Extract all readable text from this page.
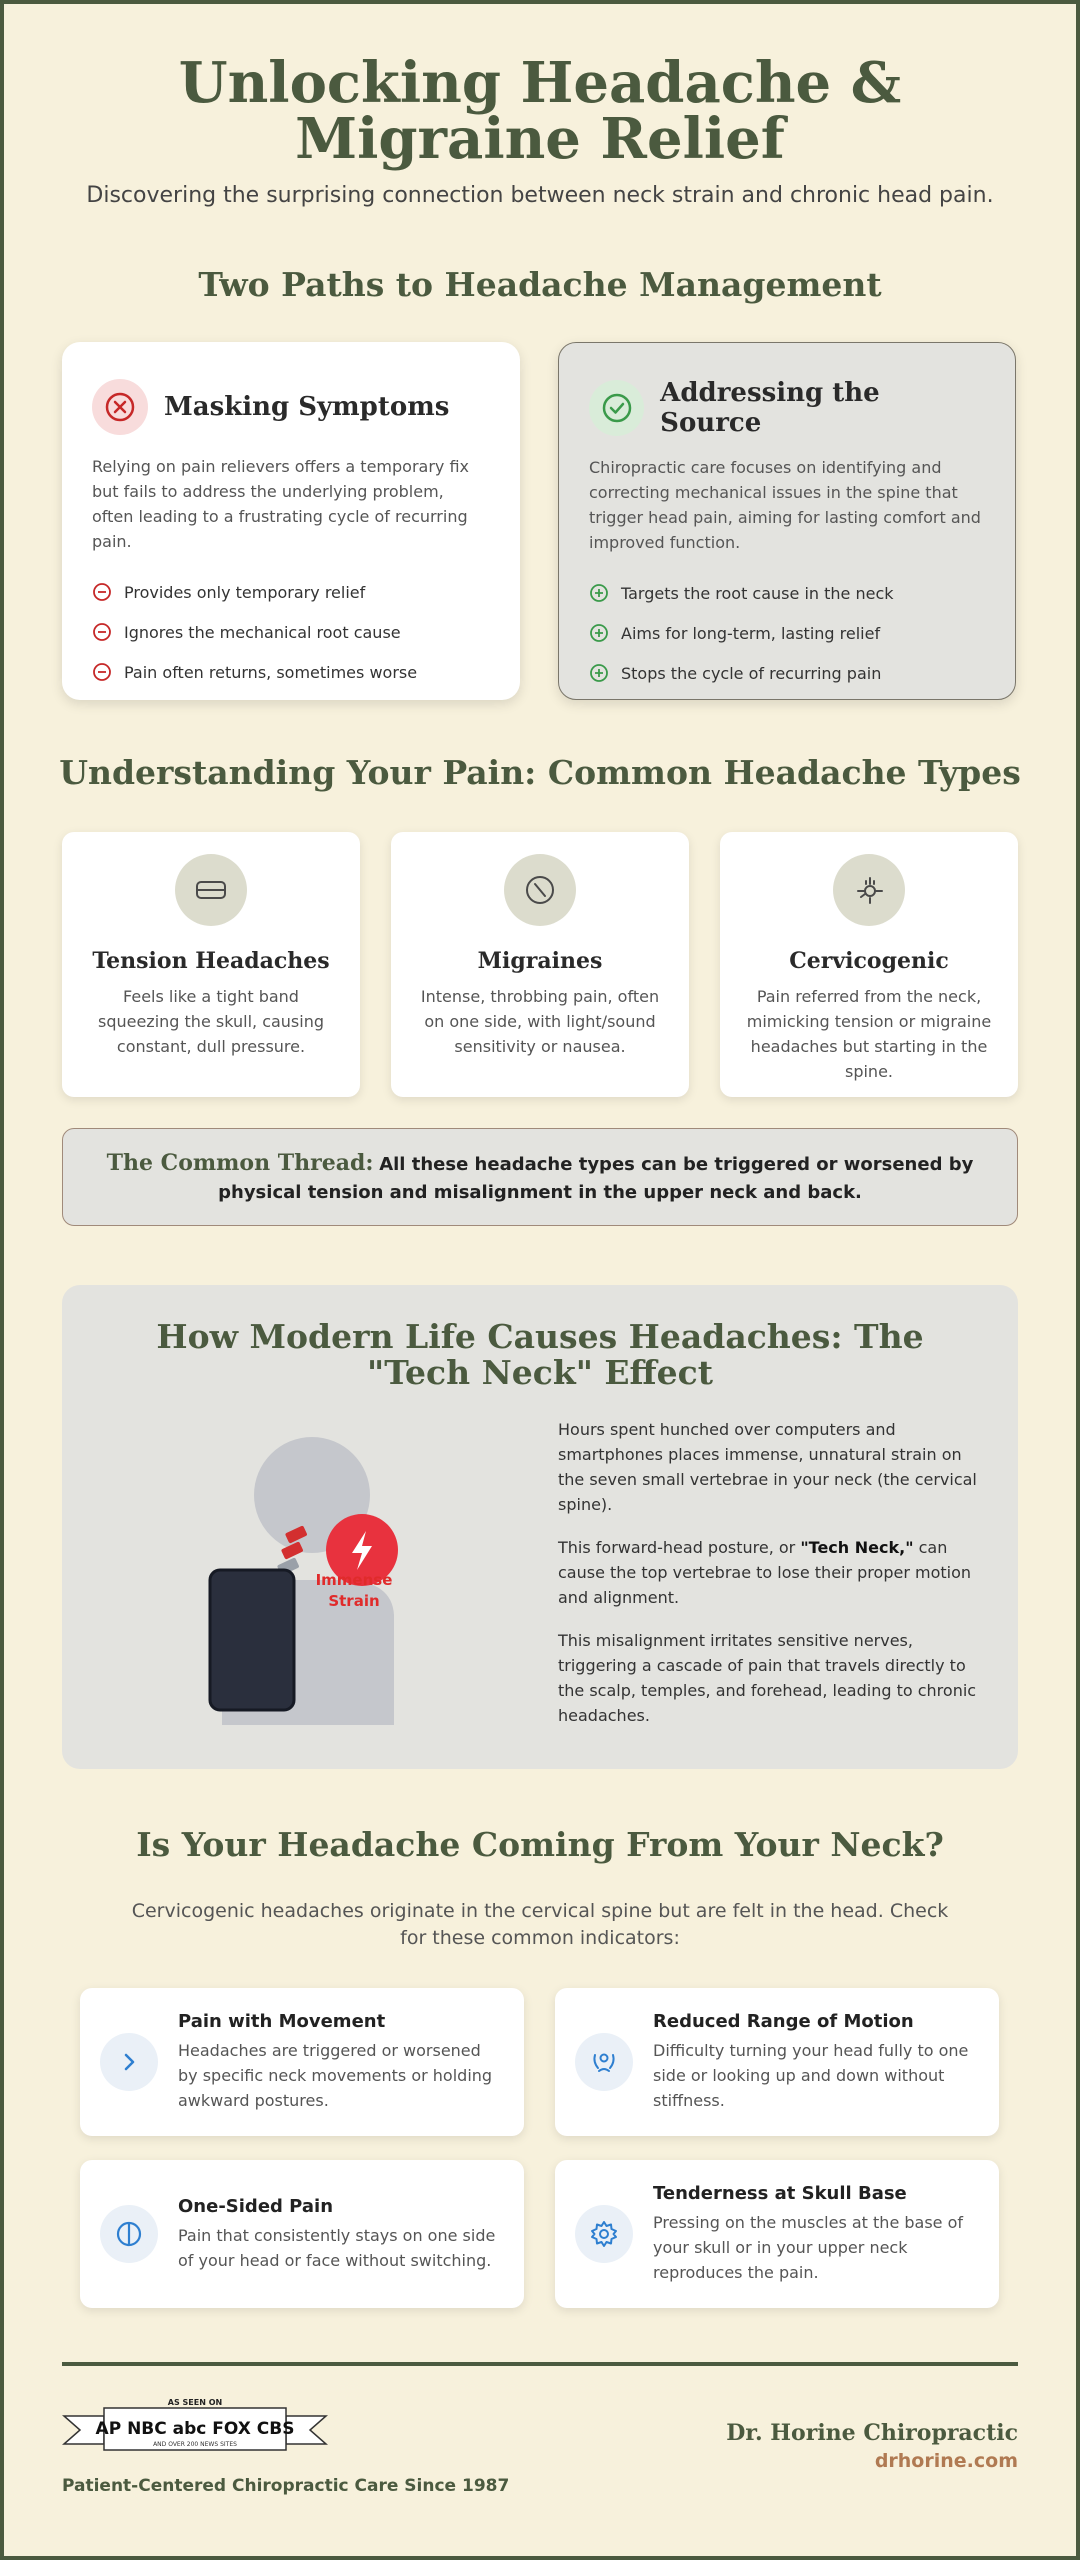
Unlocking Headache & Migraine Relief

Discovering the surprising connection between neck strain and chronic head pain.

Two Paths to Headache Management
Masking Symptoms

Relying on pain relievers offers a temporary fix but fails to address the underlying problem, often leading to a frustrating cycle of recurring pain.

Provides only temporary relief
Ignores the mechanical root cause
Pain often returns, sometimes worse
Addressing the Source

Chiropractic care focuses on identifying and correcting mechanical issues in the spine that trigger head pain, aiming for lasting comfort and improved function.

Targets the root cause in the neck
Aims for long-term, lasting relief
Stops the cycle of recurring pain
Understanding Your Pain: Common Headache Types
Tension Headaches
Feels like a tight band squeezing the skull, causing constant, dull pressure.
Migraines
Intense, throbbing pain, often on one side, with light/sound sensitivity or nausea.
Cervicogenic
Pain referred from the neck, mimicking tension or migraine headaches but starting in the spine.
The Common Thread: All these headache types can be triggered or worsened by physical tension and misalignment in the upper neck and back.
How Modern Life Causes Headaches: The "Tech Neck" Effect
Immense Strain

Hours spent hunched over computers and smartphones places immense, unnatural strain on the seven small vertebrae in your neck (the cervical spine).

This forward-head posture, or "Tech Neck," can cause the top vertebrae to lose their proper motion and alignment.

This misalignment irritates sensitive nerves, triggering a cascade of pain that travels directly to the scalp, temples, and forehead, leading to chronic headaches.

Is Your Headache Coming From Your Neck?

Cervicogenic headaches originate in the cervical spine but are felt in the head. Check for these common indicators:

Pain with Movement
Headaches are triggered or worsened by specific neck movements or holding awkward postures.
Reduced Range of Motion
Difficulty turning your head fully to one side or looking up and down without stiffness.
One-Sided Pain
Pain that consistently stays on one side of your head or face without switching.
Tenderness at Skull Base
Pressing on the muscles at the base of your skull or in your upper neck reproduces the pain.
AS SEEN ON
AP NBC abc FOX CBS
AND OVER 200 NEWS SITES
Patient-Centered Chiropractic Care Since 1987
Dr. Horine Chiropractic
drhorine.com
